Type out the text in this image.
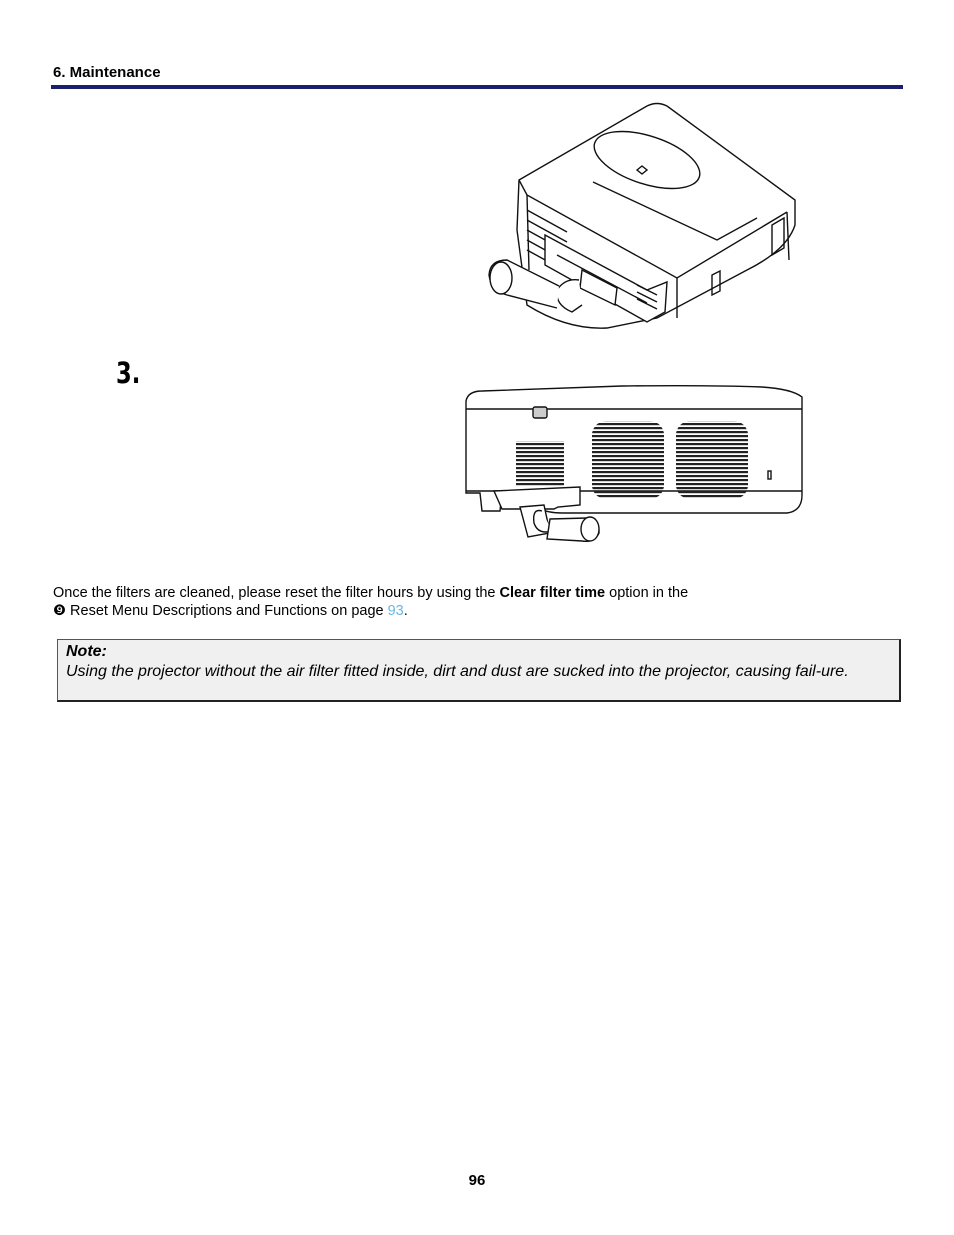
6. Maintenance
3.
Once the filters are cleaned, please reset the filter hours by using the Clear filter time option in the
❾ Reset Menu Descriptions and Functions on page 93.
Note:
Using the projector without the air filter fitted inside, dirt and dust are sucked into the projector, causing fail-ure.
96
